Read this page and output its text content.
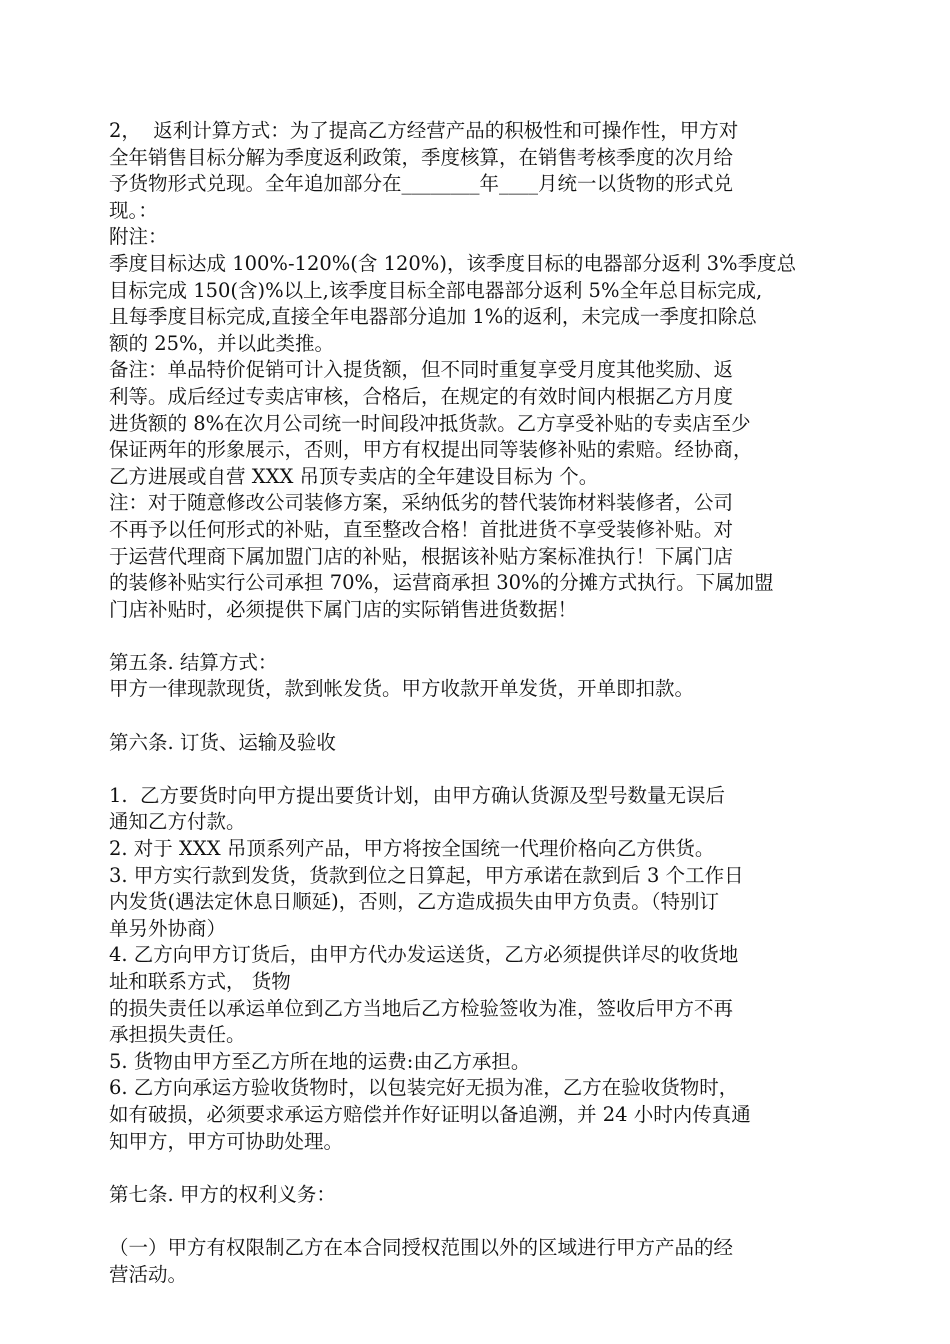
2，  返利计算方式：为了提高乙方经营产品的积极性和可操作性，甲方对
全年销售目标分解为季度返利政策，季度核算，在销售考核季度的次月给
予货物形式兑现。全年追加部分在________年____月统一以货物的形式兑
现。：
附注：
季度目标达成 100%-120%(含 120%)，该季度目标的电器部分返利 3%季度总
目标完成 150(含)%以上,该季度目标全部电器部分返利 5%全年总目标完成,
且每季度目标完成,直接全年电器部分追加 1%的返利，未完成一季度扣除总
额的 25%，并以此类推。
备注：单品特价促销可计入提货额，但不同时重复享受月度其他奖励、返
利等。成后经过专卖店审核，合格后，在规定的有效时间内根据乙方月度
进货额的 8%在次月公司统一时间段冲抵货款。乙方享受补贴的专卖店至少
保证两年的形象展示，否则，甲方有权提出同等装修补贴的索赔。经协商，
乙方进展或自营 XXX 吊顶专卖店的全年建设目标为 个。
注：对于随意修改公司装修方案，采纳低劣的替代装饰材料装修者，公司
不再予以任何形式的补贴，直至整改合格！首批进货不享受装修补贴。对
于运营代理商下属加盟门店的补贴，根据该补贴方案标准执行！下属门店
的装修补贴实行公司承担 70%，运营商承担 30%的分摊方式执行。下属加盟
门店补贴时，必须提供下属门店的实际销售进货数据！
第五条. 结算方式：
甲方一律现款现货，款到帐发货。甲方收款开单发货，开单即扣款。
第六条. 订货、运输及验收
1.  乙方要货时向甲方提出要货计划，由甲方确认货源及型号数量无误后
通知乙方付款。
2. 对于 XXX 吊顶系列产品，甲方将按全国统一代理价格向乙方供货。
3. 甲方实行款到发货，货款到位之日算起，甲方承诺在款到后 3 个工作日
内发货(遇法定休息日顺延)，否则，乙方造成损失由甲方负责。（特别订
单另外协商）
4. 乙方向甲方订货后，由甲方代办发运送货，乙方必须提供详尽的收货地
址和联系方式， 货物
的损失责任以承运单位到乙方当地后乙方检验签收为准，签收后甲方不再
承担损失责任。
5. 货物由甲方至乙方所在地的运费:由乙方承担。
6. 乙方向承运方验收货物时，以包装完好无损为准，乙方在验收货物时，
如有破损，必须要求承运方赔偿并作好证明以备追溯，并 24 小时内传真通
知甲方，甲方可协助处理。
第七条. 甲方的权利义务：
（一）甲方有权限制乙方在本合同授权范围以外的区域进行甲方产品的经
营活动。
